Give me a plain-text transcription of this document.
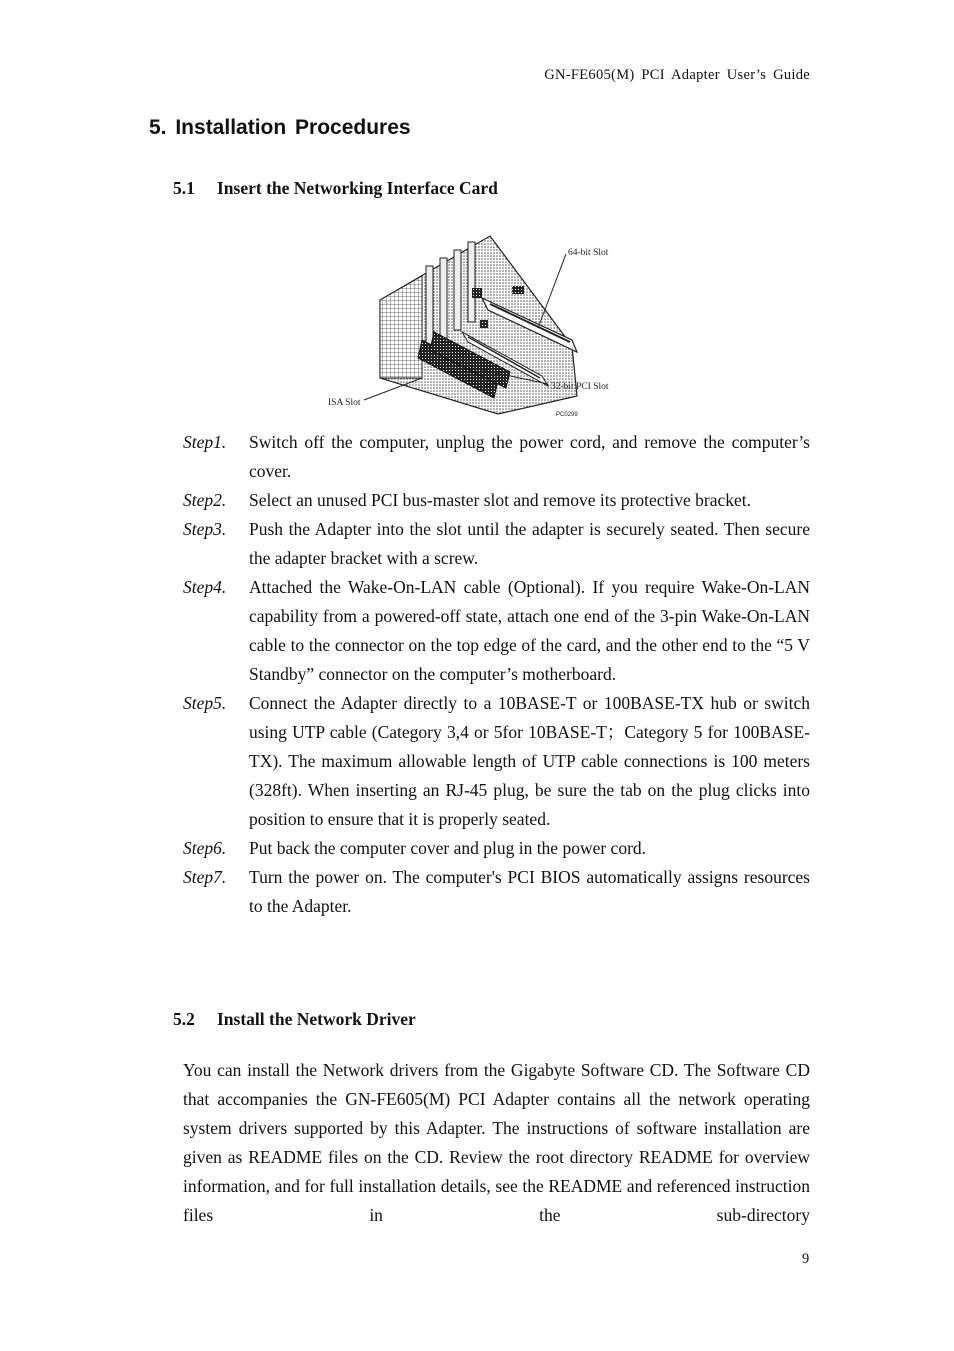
GN-FE605(M) PCI Adapter User’s Guide
5. Installation Procedures
5.1 Insert the Networking Interface Card
64-bit Slot
32-bit PCI Slot
ISA Slot
PC0299
Step1.	Switch off the computer, unplug the power cord, and remove the computer’s cover.
Step2.	Select an unused PCI bus-master slot and remove its protective bracket.
Step3.	Push the Adapter into the slot until the adapter is securely seated. Then secure the adapter bracket with a screw.
Step4.	Attached the Wake-On-LAN cable (Optional). If you require Wake-On-LAN capability from a powered-off state, attach one end of the 3-pin Wake-On-LAN cable to the connector on the top edge of the card, and the other end to the “5 V Standby” connector on the computer’s motherboard.
Step5.	Connect the Adapter directly to a 10BASE-T or 100BASE-TX hub or switch using UTP cable (Category 3,4 or 5for 10BASE-T；Category 5 for 100BASE-TX). The maximum allowable length of UTP cable connections is 100 meters (328ft). When inserting an RJ-45 plug, be sure the tab on the plug clicks into position to ensure that it is properly seated.
Step6.	Put back the computer cover and plug in the power cord.
Step7.	Turn the power on. The computer's PCI BIOS automatically assigns resources to the Adapter.
5.2 Install the Network Driver
You can install the Network drivers from the Gigabyte Software CD. The Software CD that accompanies the GN-FE605(M) PCI Adapter contains all the network operating system drivers supported by this Adapter. The instructions of software installation are given as README files on the CD. Review the root directory README for overview information, and for full installation details, see the README and referenced instruction files in the sub-directory
9
